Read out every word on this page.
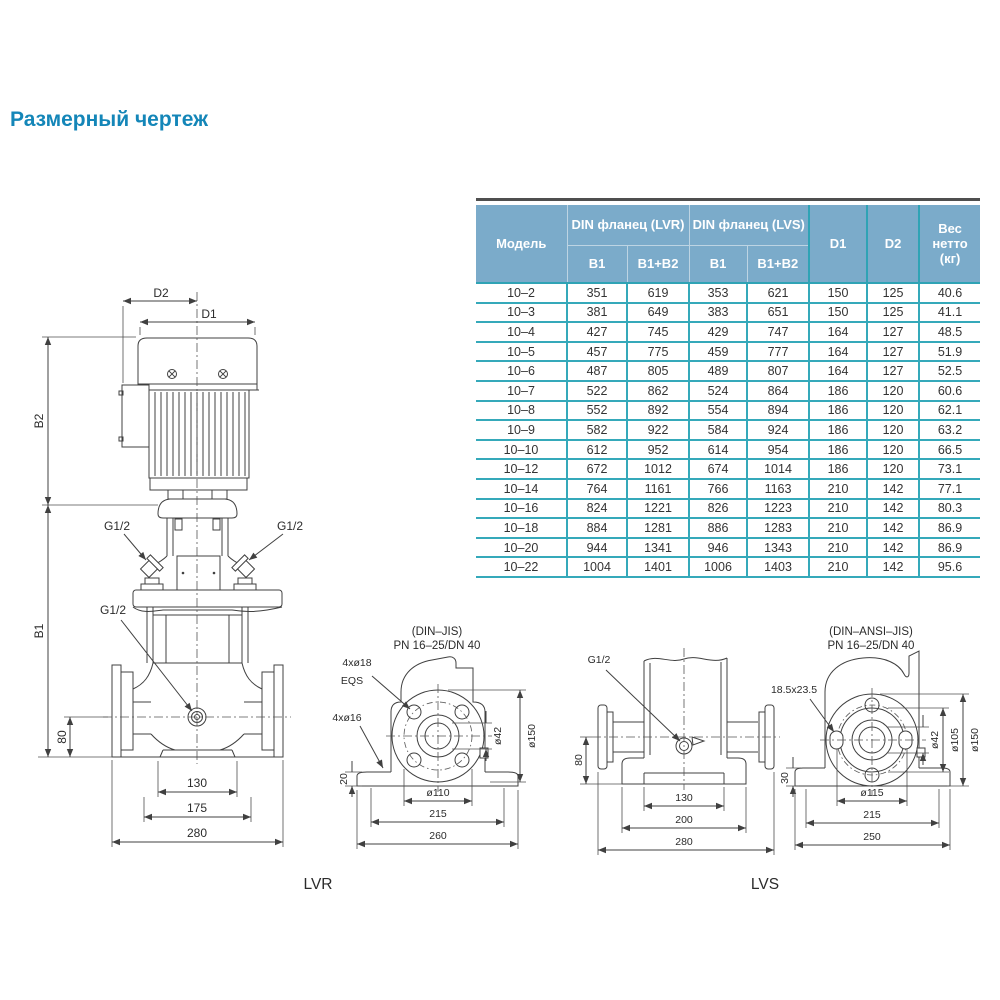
Размерный чертеж
Модель	DIN фланец (LVR)		DIN фланец (LVS)		D1	D2	Вес нетто (кг)
	B1	B1+B2	B1	B1+B2			
10–2	351	619	353	621	150	125	40.6
10–3	381	649	383	651	150	125	41.1
10–4	427	745	429	747	164	127	48.5
10–5	457	775	459	777	164	127	51.9
10–6	487	805	489	807	164	127	52.5
10–7	522	862	524	864	186	120	60.6
10–8	552	892	554	894	186	120	62.1
10–9	582	922	584	924	186	120	63.2
10–10	612	952	614	954	186	120	66.5
10–12	672	1012	674	1014	186	120	73.1
10–14	764	1161	766	1163	210	142	77.1
10–16	824	1221	826	1223	210	142	80.3
10–18	884	1281	886	1283	210	142	86.9
10–20	944	1341	946	1343	210	142	86.9
10–22	1004	1401	1006	1403	210	142	95.6
D2
D1
B2
B1
80
130
175
280
G1/2	G1/2
G1/2
LVR
(DIN–JIS)
PN 16–25/DN 40
4xø18
EQS
4xø16
20
ø110
215
260
ø42 ø150
G1/2
80
130
200
280
LVS
(DIN–ANSI–JIS)
PN 16–25/DN 40
18.5x23.5
30
ø115
215
250
ø42 ø105 ø150
